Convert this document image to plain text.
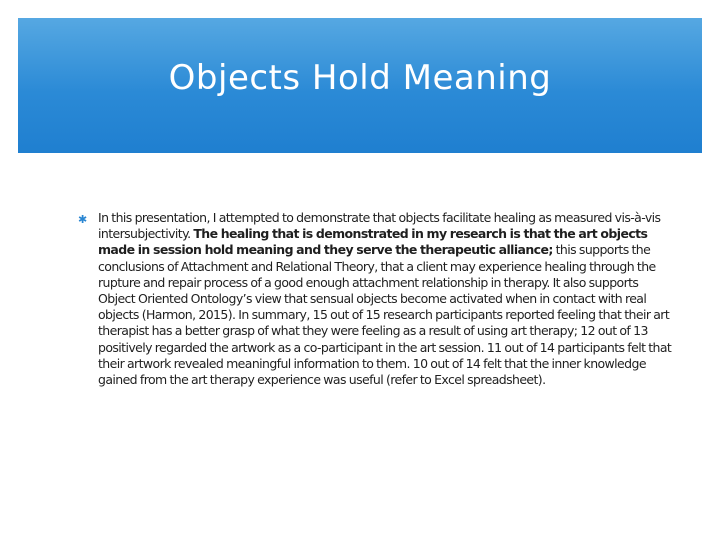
Objects Hold Meaning
✱ In this presentation, I attempted to demonstrate that objects facilitate healing as measured vis-à-vis intersubjectivity. The healing that is demonstrated in my research is that the art objects made in session hold meaning and they serve the therapeutic alliance; this supports the conclusions of Attachment and Relational Theory, that a client may experience healing through the rupture and repair process of a good enough attachment relationship in therapy. It also supports Object Oriented Ontology’s view that sensual objects become activated when in contact with real objects (Harmon, 2015). In summary, 15 out of 15 research participants reported feeling that their art therapist has a better grasp of what they were feeling as a result of using art therapy; 12 out of 13 positively regarded the artwork as a co-participant in the art session. 11 out of 14 participants felt that their artwork revealed meaningful information to them. 10 out of 14 felt that the inner knowledge gained from the art therapy experience was useful (refer to Excel spreadsheet).
